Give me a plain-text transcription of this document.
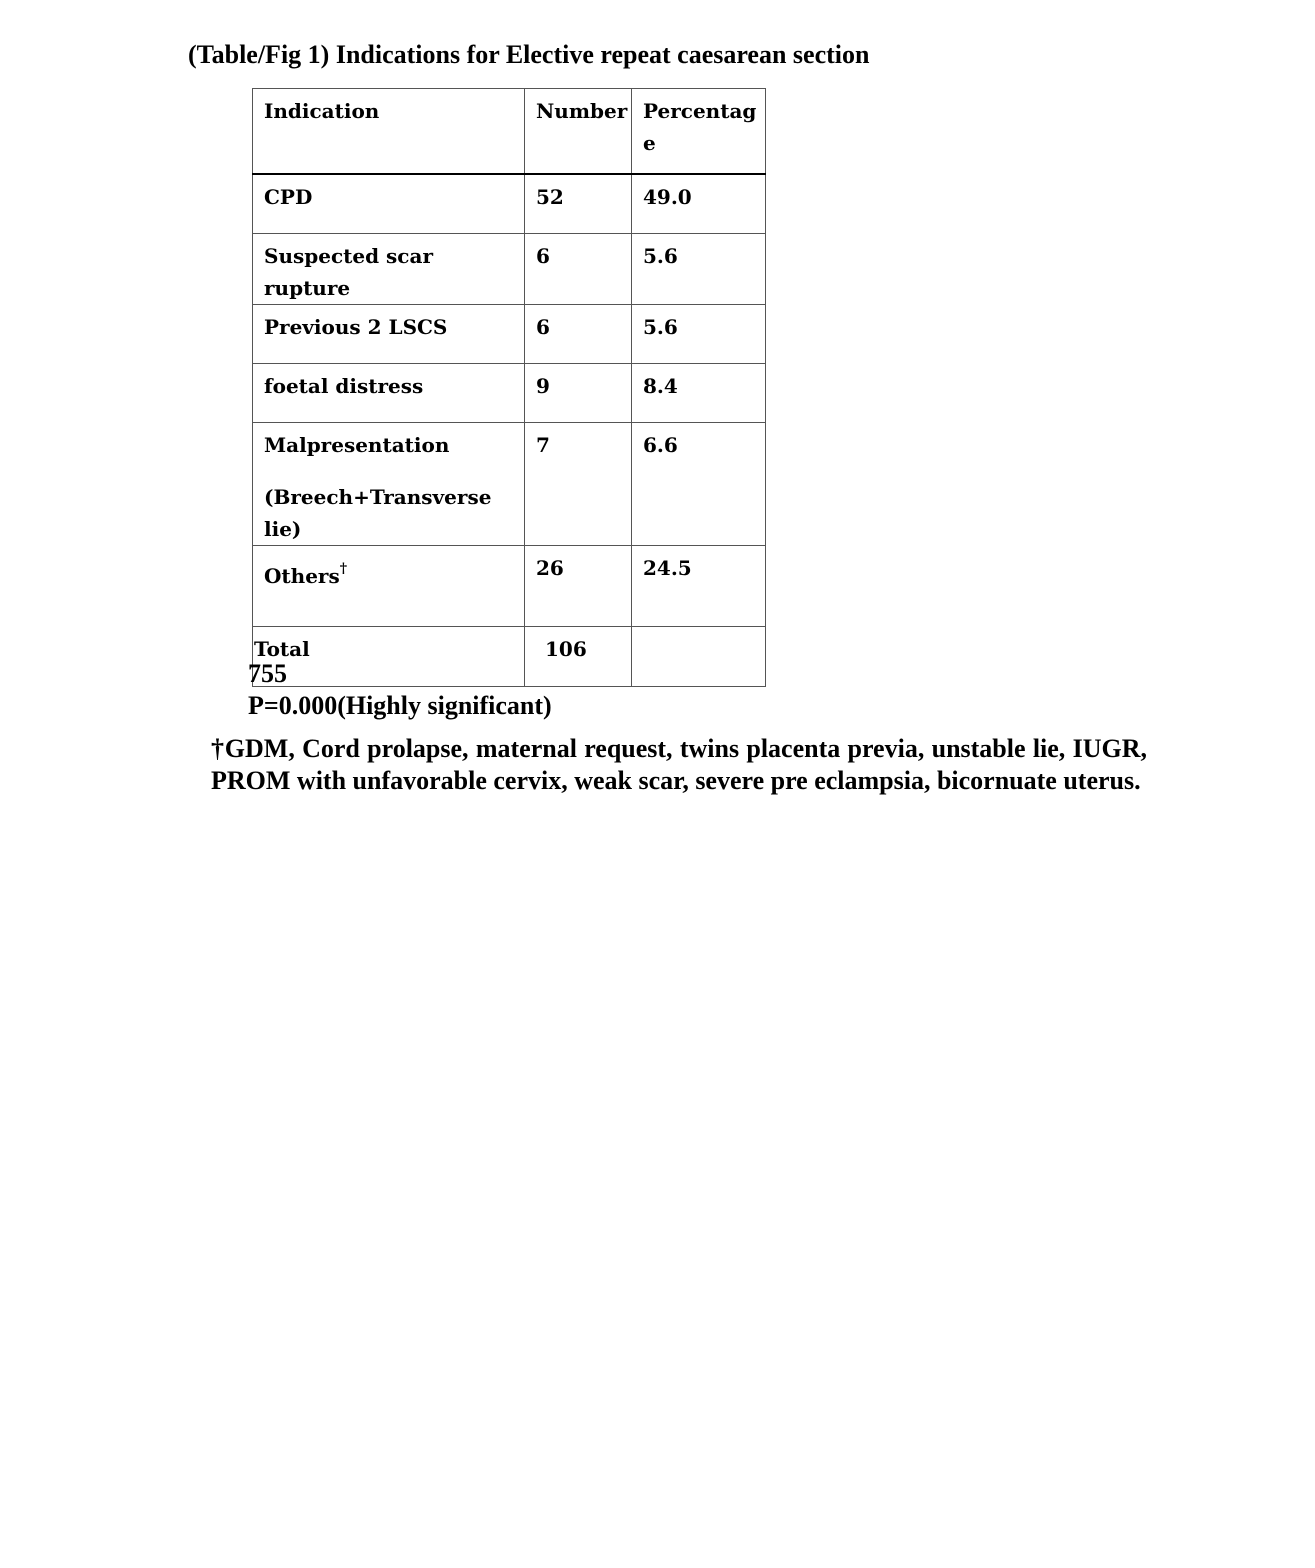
(Table/Fig 1) Indications for Elective repeat caesarean section
Indication	Number	Percentag e
CPD	52	49.0
Suspected scar rupture	6	5.6
Previous 2 LSCS	6	5.6
foetal distress	9	8.4
Malpresentation
(Breech+Transverse lie)	7	6.6
Others†	26	24.5
Total	106	
755
P=0.000(Highly significant)
†GDM, Cord prolapse, maternal request, twins placenta previa, unstable lie, IUGR, PROM with unfavorable cervix, weak scar, severe pre eclampsia, bicornuate uterus.
